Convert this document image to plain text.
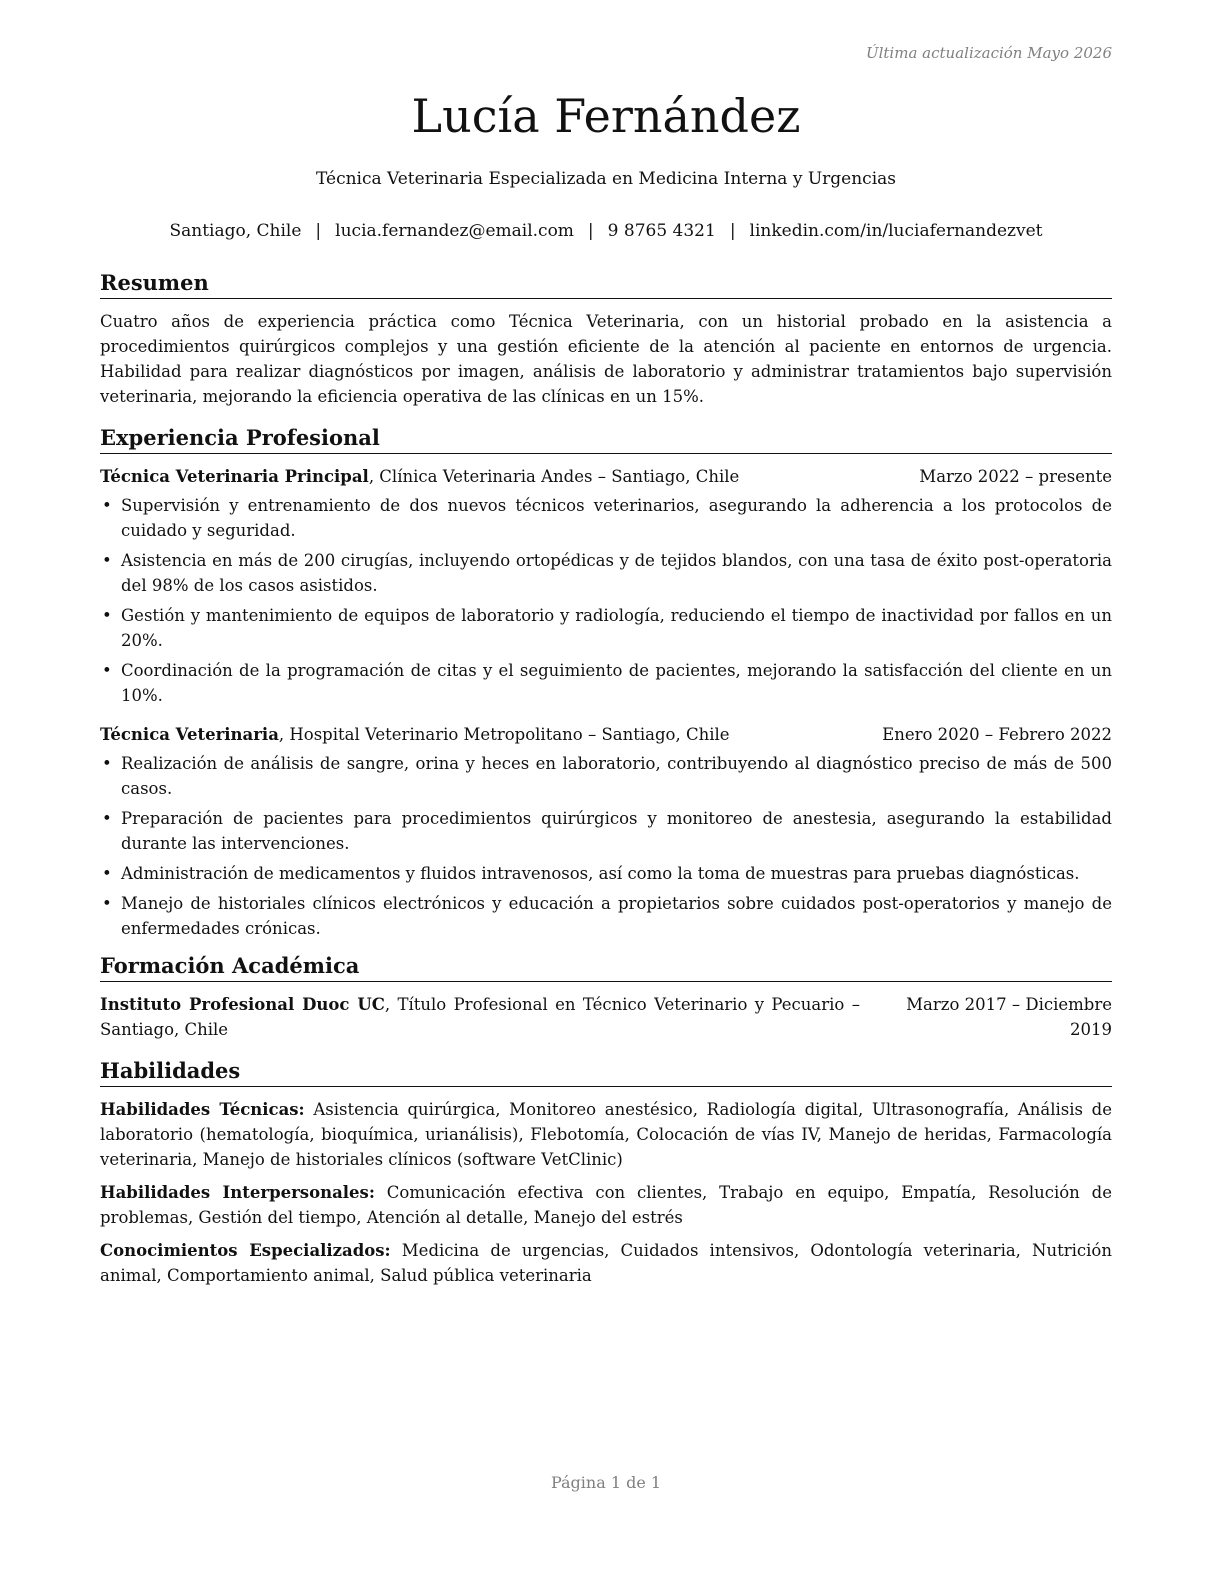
Última actualización Mayo 2026
Lucía Fernández
Técnica Veterinaria Especializada en Medicina Interna y Urgencias
Santiago, Chile | lucia.fernandez@email.com | 9 8765 4321 | linkedin.com/in/luciafernandezvet
Resumen

Cuatro años de experiencia práctica como Técnica Veterinaria, con un historial probado en la asistencia a procedimientos quirúrgicos complejos y una gestión eficiente de la atención al paciente en entornos de urgencia. Habilidad para realizar diagnósticos por imagen, análisis de laboratorio y administrar tratamientos bajo supervisión veterinaria, mejorando la eficiencia operativa de las clínicas en un 15%.

Experiencia Profesional
Técnica Veterinaria Principal, Clínica Veterinaria Andes – Santiago, Chile	Marzo 2022 – presente
• Supervisión y entrenamiento de dos nuevos técnicos veterinarios, asegurando la adherencia a los protocolos de cuidado y seguridad.
• Asistencia en más de 200 cirugías, incluyendo ortopédicas y de tejidos blandos, con una tasa de éxito post-operatoria del 98% de los casos asistidos.
• Gestión y mantenimiento de equipos de laboratorio y radiología, reduciendo el tiempo de inactividad por fallos en un 20%.
• Coordinación de la programación de citas y el seguimiento de pacientes, mejorando la satisfacción del cliente en un 10%.
Técnica Veterinaria, Hospital Veterinario Metropolitano – Santiago, Chile	Enero 2020 – Febrero 2022
• Realización de análisis de sangre, orina y heces en laboratorio, contribuyendo al diagnóstico preciso de más de 500 casos.
• Preparación de pacientes para procedimientos quirúrgicos y monitoreo de anestesia, asegurando la estabilidad durante las intervenciones.
• Administración de medicamentos y fluidos intravenosos, así como la toma de muestras para pruebas diagnósticas.
• Manejo de historiales clínicos electrónicos y educación a propietarios sobre cuidados post-operatorios y manejo de enfermedades crónicas.
Formación Académica
Instituto Profesional Duoc UC, Título Profesional en Técnico Veterinario y Pecuario – Santiago, Chile
Marzo 2017 – Diciembre 2019
Habilidades

Habilidades Técnicas: Asistencia quirúrgica, Monitoreo anestésico, Radiología digital, Ultrasonografía, Análisis de laboratorio (hematología, bioquímica, urianálisis), Flebotomía, Colocación de vías IV, Manejo de heridas, Farmacología veterinaria, Manejo de historiales clínicos (software VetClinic)

Habilidades Interpersonales: Comunicación efectiva con clientes, Trabajo en equipo, Empatía, Resolución de problemas, Gestión del tiempo, Atención al detalle, Manejo del estrés

Conocimientos Especializados: Medicina de urgencias, Cuidados intensivos, Odontología veterinaria, Nutrición animal, Comportamiento animal, Salud pública veterinaria

Página 1 de 1
